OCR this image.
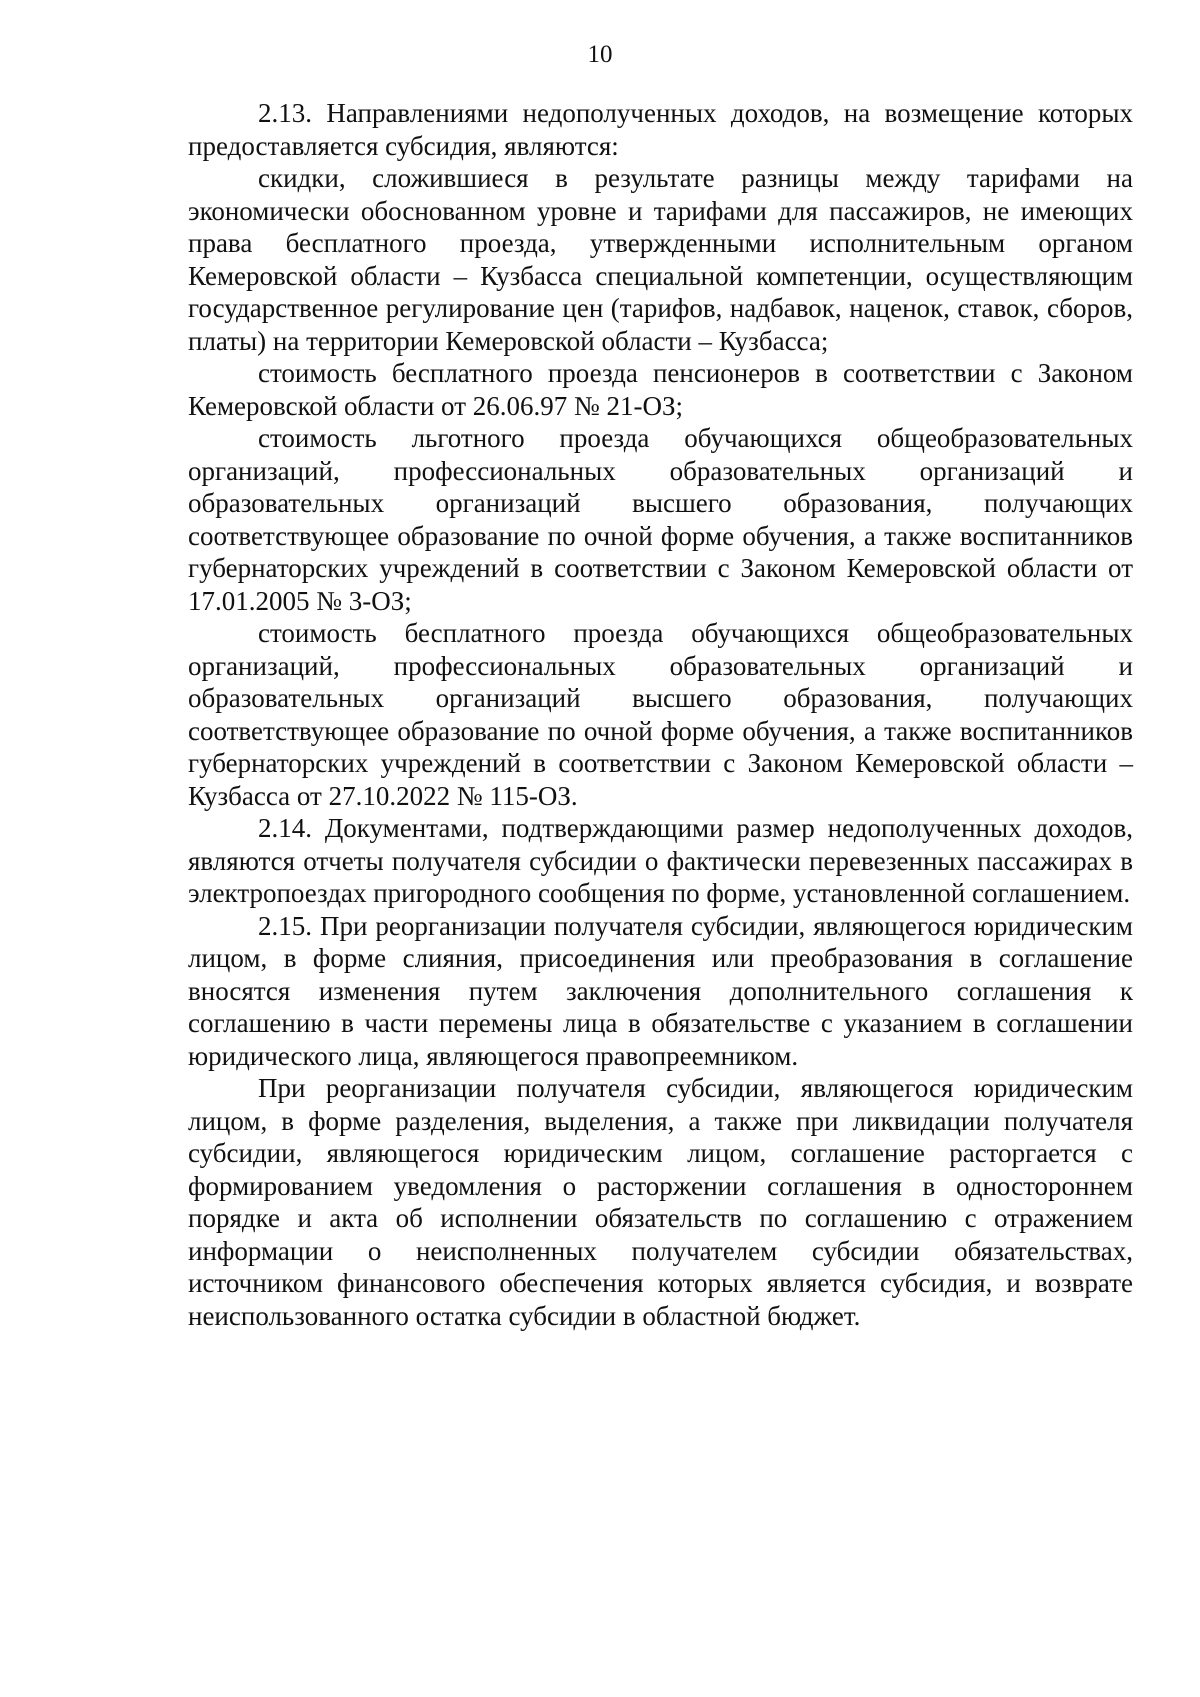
10

2.13. Направлениями недополученных доходов, на возмещение которых предоставляется субсидия, являются:

скидки, сложившиеся в результате разницы между тарифами на экономически обоснованном уровне и тарифами для пассажиров, не имеющих права бесплатного проезда, утвержденными исполнительным органом Кемеровской области – Кузбасса специальной компетенции, осуществляющим государственное регулирование цен (тарифов, надбавок, наценок, ставок, сборов, платы) на территории Кемеровской области – Кузбасса;

стоимость бесплатного проезда пенсионеров в соответствии с Законом Кемеровской области от 26.06.97 № 21-ОЗ;

стоимость льготного проезда обучающихся общеобразовательных организаций, профессиональных образовательных организаций и образовательных организаций высшего образования, получающих соответствующее образование по очной форме обучения, а также воспитанников губернаторских учреждений в соответствии с Законом Кемеровской области от 17.01.2005 № 3-ОЗ;

стоимость бесплатного проезда обучающихся общеобразовательных организаций, профессиональных образовательных организаций и образовательных организаций высшего образования, получающих соответствующее образование по очной форме обучения, а также воспитанников губернаторских учреждений в соответствии с Законом Кемеровской области – Кузбасса от 27.10.2022 № 115-ОЗ.

2.14. Документами, подтверждающими размер недополученных доходов, являются отчеты получателя субсидии о фактически перевезенных пассажирах в электропоездах пригородного сообщения по форме, установленной соглашением.

2.15. При реорганизации получателя субсидии, являющегося юридическим лицом, в форме слияния, присоединения или преобразования в соглашение вносятся изменения путем заключения дополнительного соглашения к соглашению в части перемены лица в обязательстве с указанием в соглашении юридического лица, являющегося правопреемником.

При реорганизации получателя субсидии, являющегося юридическим лицом, в форме разделения, выделения, а также при ликвидации получателя субсидии, являющегося юридическим лицом, соглашение расторгается с формированием уведомления о расторжении соглашения в одностороннем порядке и акта об исполнении обязательств по соглашению с отражением информации о неисполненных получателем субсидии обязательствах, источником финансового обеспечения которых является субсидия, и возврате неиспользованного остатка субсидии в областной бюджет.
